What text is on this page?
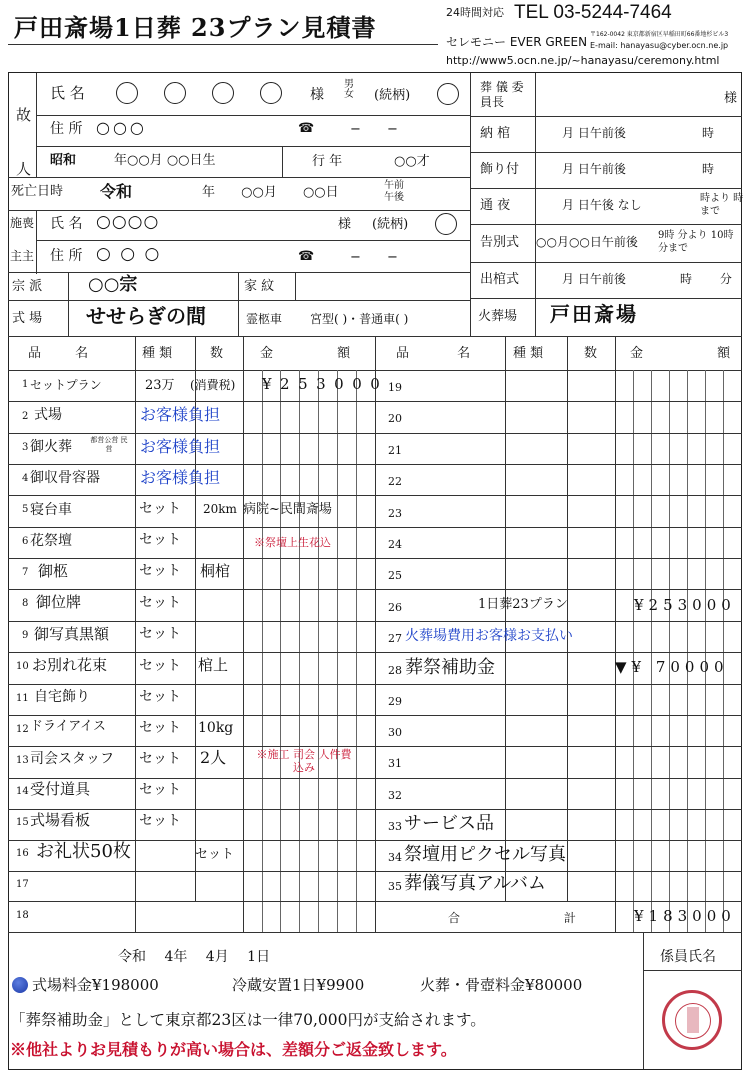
戸田斎場1日葬 23プラン見積書
24時間対応 TEL 03-5244-7464
セレモニー EVER GREEN
〒162-0042 東京都新宿区早稲田町66番地杉ビル3
E-mail: hanayasu@cyber.ocn.ne.jp
http://www5.ocn.ne.jp/~hanayasu/ceremony.html
故 人
氏 名	様
男女 (続柄)
住 所 ○○○	☎	− −
昭和	年○○月 ○○日生	行 年	○○才
死亡日時 令和	年 ○○月 ○○日	午前 午後
施喪
主主
氏 名 ○○○○	様 (続柄)
住 所 ○ ○ ○	☎	− −
宗 派	○○宗	家 紋
式 場 せせらぎの間	霊柩車 宮型( )・普通車( )
葬 儀 委員長	様
納 棺	月 日午前後	時
飾り付	月 日午前後	時
通 夜	月 日午後 なし	時より 時まで
告別式 ○○月○○日午前後 9時 分より 10時 分まで
出棺式	月 日午前後	時 分
火葬場 戸田斎場
品 名	種 類	数	金 額	品 名	種 類	数	金 額
1 セットプラン	23万 (消費税) ¥253000
2 式場	お客様負担
3 御火葬	都営公営 民営	お客様負担
4 御収骨容器	お客様負担
5 寝台車	セット 20km 病院~民間斎場
6 花祭壇	セット	※祭壇上生花込
7 御柩	セット 桐棺
8 御位牌	セット
9 御写真黒額 セット
10 お別れ花束 セット 棺上
11 自宅飾り	セット
12 ドライアイス セット 10kg
13 司会スタッフ セット 2人	※施工 司会 人件費込み
14 受付道具	セット
15 式場看板	セット
16 お礼状50枚	セット
17
18
19
20
21
22
23
24
25
26	1日葬23プラン	¥253000
27 火葬場費用お客様お支払い
28 葬祭補助金	▼¥ 70000
29
30
31
32
33 サービス品
34 祭壇用ピクセル写真
35 葬儀写真アルバム
合 計	¥183000
令和 4年 4月 1日	係員氏名
式場料金¥198000	冷蔵安置1日¥9900	火葬・骨壺料金¥80000
「葬祭補助金」として東京都23区は一律70,000円が支給されます。
※他社よりお見積もりが高い場合は、差額分ご返金致します。
